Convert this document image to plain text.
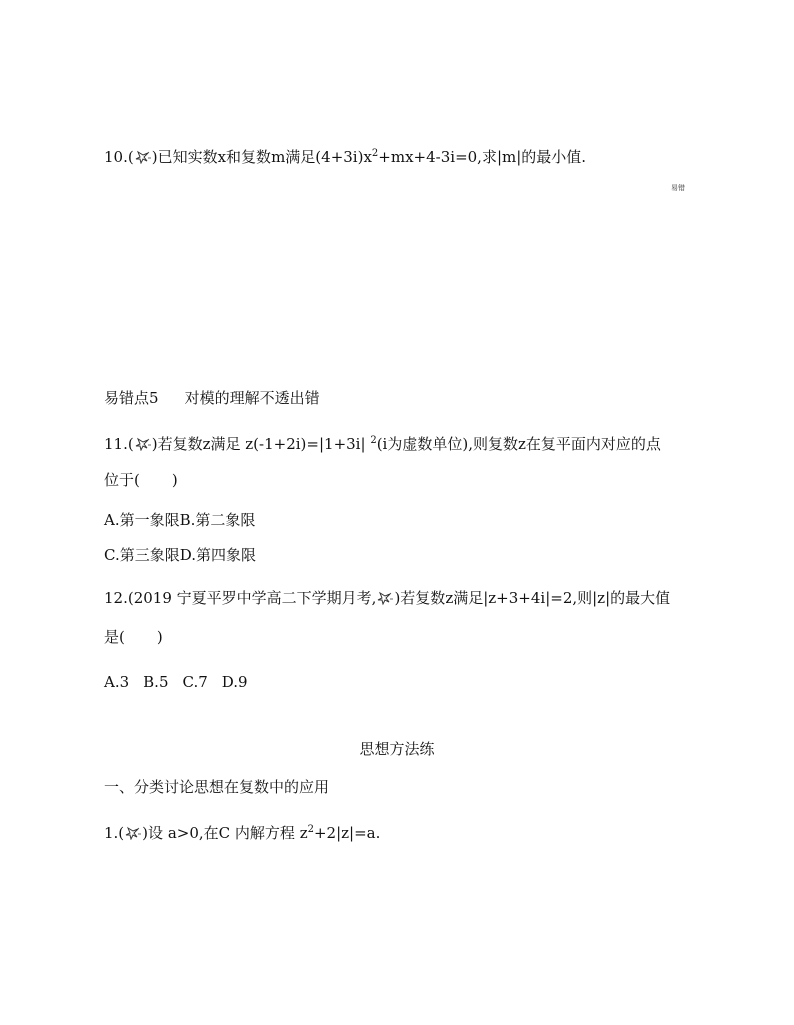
10.( )已知实数x和复数m满足$(4+3i)x^2+mx+4-3i=0$,求|m|的最小值.
易错
易错点5 对模的理解不透出错
11.( )若复数z满足 z(-1+2i)=|1+3i| $^2$(i为虚数单位),则复数z在复平面内对应的点
位于( )
A.第一象限B.第二象限
C.第三象限D.第四象限
12.(2019 宁夏平罗中学高二下学期月考, )若复数z满足|z+3+4i|=2,则|z|的最大值
是( )
A.3 B.5 C.7 D.9
思想方法练
一、分类讨论思想在复数中的应用
1.( )设 a>0,在C 内解方程 $z^2+2|z|=a$.
